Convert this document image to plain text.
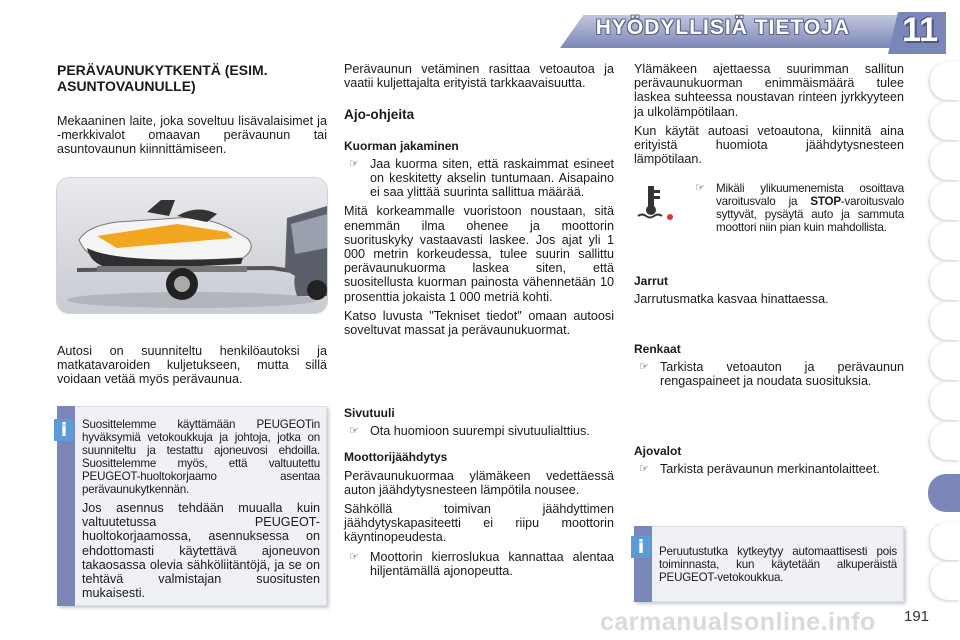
HYÖDYLLISIÄ TIETOJA 11
PERÄVAUNUKYTKENTÄ (ESIM. ASUNTOVAUNULLE)

Mekaaninen laite, joka soveltuu lisävalaisimet ja -merkkivalot omaavan perävaunun tai asuntovaunun kiinnittämiseen.

Autosi on suunniteltu henkilöautoksi ja matkatavaroiden kuljetukseen, mutta sillä voidaan vetää myös perävaunua.

i	Suosittelemme käyttämään PEUGEOTin hyväksymiä vetokoukkuja ja johtoja, jotka on suunniteltu ja testattu ajoneuvosi ehdoilla. Suosittelemme myös, että valtuutettu PEUGEOT-huoltokorjaamo asentaa perävaunukytkennän.

Jos asennus tehdään muualla kuin valtuutetussa PEUGEOT-huoltokorjaamossa, asennuksessa on ehdottomasti käytettävä ajoneuvon takaosassa olevia sähköliitäntöjä, ja se on tehtävä valmistajan suositusten mukaisesti.

Perävaunun vetäminen rasittaa vetoautoa ja vaatii kuljettajalta erityistä tarkkaavaisuutta.

Ajo-ohjeita
Kuorman jakaminen
☞ Jaa kuorma siten, että raskaimmat esineet on keskitetty akselin tuntumaan. Aisapaino ei saa ylittää suurinta sallittua määrää.

Mitä korkeammalle vuoristoon noustaan, sitä enemmän ilma ohenee ja moottorin suorituskyky vastaavasti laskee. Jos ajat yli 1 000 metrin korkeudessa, tulee suurin sallittu perävaunukuorma laskea siten, että suositellusta kuorman painosta vähennetään 10 prosenttia jokaista 1 000 metriä kohti.

Katso luvusta "Tekniset tiedot" omaan autoosi soveltuvat massat ja perävaunukuormat.

Sivutuuli
☞ Ota huomioon suurempi sivutuulialttius.
Moottorijäähdytys

Perävaunukuormaa ylämäkeen vedettäessä auton jäähdytysnesteen lämpötila nousee.

Sähköllä toimivan jäähdyttimen jäähdytyskapasiteetti ei riipu moottorin käyntinopeudesta.

☞ Moottorin kierroslukua kannattaa alentaa hiljentämällä ajonopeutta.

Ylämäkeen ajettaessa suurimman sallitun perävaunukuorman enimmäismäärä tulee laskea suhteessa noustavan rinteen jyrkkyyteen ja ulkolämpötilaan.

Kun käytät autoasi vetoautona, kiinnitä aina erityistä huomiota jäähdytysnesteen lämpötilaan.

☞ Mikäli ylikuumenemista osoittava varoitusvalo ja STOP-varoitusvalo syttyvät, pysäytä auto ja sammuta moottori niin pian kuin mahdollista.
Jarrut

Jarrutusmatka kasvaa hinattaessa.

Renkaat
☞ Tarkista vetoauton ja perävaunun rengaspaineet ja noudata suosituksia.
Ajovalot
☞ Tarkista perävaunun merkinantolaitteet.
i	Peruutustutka kytkeytyy automaattisesti pois toiminnasta, kun käytetään alkuperäistä PEUGEOT-vetokoukkua.

191
carmanualsonline.info
